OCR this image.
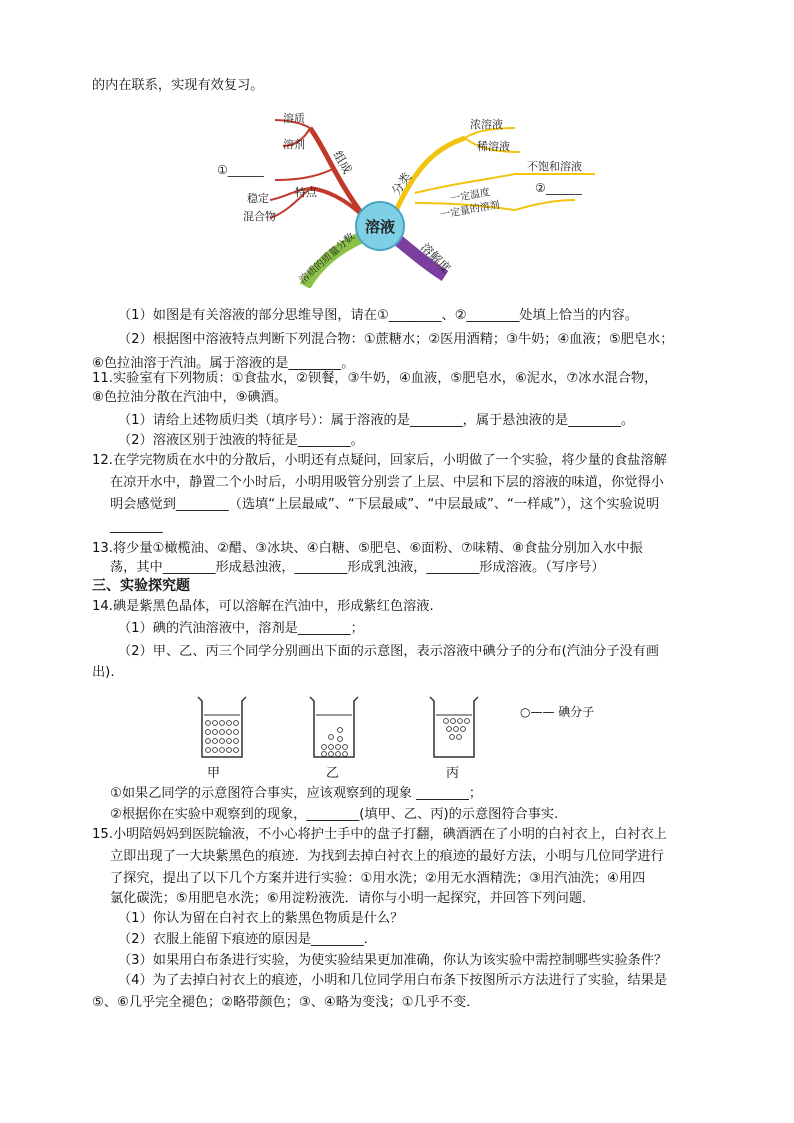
的内在联系，实现有效复习。
溶液
组成
溶质
溶剂
①______
特点
稳定
混合物
溶质的质量分数
分类
浓溶液
稀溶液
不饱和溶液
②______
一定温度
一定量的溶剂
溶解度
（1）如图是有关溶液的部分思维导图，请在①________、②________处填上恰当的内容。
（2）根据图中溶液特点判断下列混合物：①蔗糖水；②医用酒精；③牛奶；④血液；⑤肥皂水；
⑥色拉油溶于汽油。属于溶液的是________。
11.实验室有下列物质：①食盐水，②钡餐，③牛奶，④血液，⑤肥皂水，⑥泥水，⑦冰水混合物，
⑧色拉油分散在汽油中，⑨碘酒。
（1）请给上述物质归类（填序号）：属于溶液的是________，属于悬浊液的是________。
（2）溶液区别于浊液的特征是________。
12.在学完物质在水中的分散后，小明还有点疑问，回家后，小明做了一个实验，将少量的食盐溶解
在凉开水中，静置二个小时后，小明用吸管分别尝了上层、中层和下层的溶液的味道，你觉得小
明会感觉到________（选填“上层最咸”、“下层最咸”、“中层最咸”、“一样咸”），这个实验说明
________
13.将少量①橄榄油、②醋、③冰块、④白糖、⑤肥皂、⑥面粉、⑦味精、⑧食盐分别加入水中振
荡，其中________形成悬浊液，________形成乳浊液，________形成溶液。（写序号）
三、实验探究题
14.碘是紫黑色晶体，可以溶解在汽油中，形成紫红色溶液.
（1）碘的汽油溶液中，溶剂是________；
（2）甲、乙、丙三个同学分别画出下面的示意图，表示溶液中碘分子的分布(汽油分子没有画
出).
甲	乙	丙
○—— 碘分子
①如果乙同学的示意图符合事实，应该观察到的现象 ________；
②根据你在实验中观察到的现象，________(填甲、乙、丙)的示意图符合事实.
15.小明陪妈妈到医院输液，不小心将护士手中的盘子打翻，碘酒洒在了小明的白衬衣上，白衬衣上
立即出现了一大块紫黑色的痕迹．为找到去掉白衬衣上的痕迹的最好方法，小明与几位同学进行
了探究，提出了以下几个方案并进行实验：①用水洗；②用无水酒精洗；③用汽油洗；④用四
氯化碳洗；⑤用肥皂水洗；⑥用淀粉液洗．请你与小明一起探究，并回答下列问题．
（1）你认为留在白衬衣上的紫黑色物质是什么？
（2）衣服上能留下痕迹的原因是________．
（3）如果用白布条进行实验，为使实验结果更加准确，你认为该实验中需控制哪些实验条件？
（4）为了去掉白衬衣上的痕迹，小明和几位同学用白布条下按图所示方法进行了实验，结果是
⑤、⑥几乎完全褪色；②略带颜色；③、④略为变浅；①几乎不变．
